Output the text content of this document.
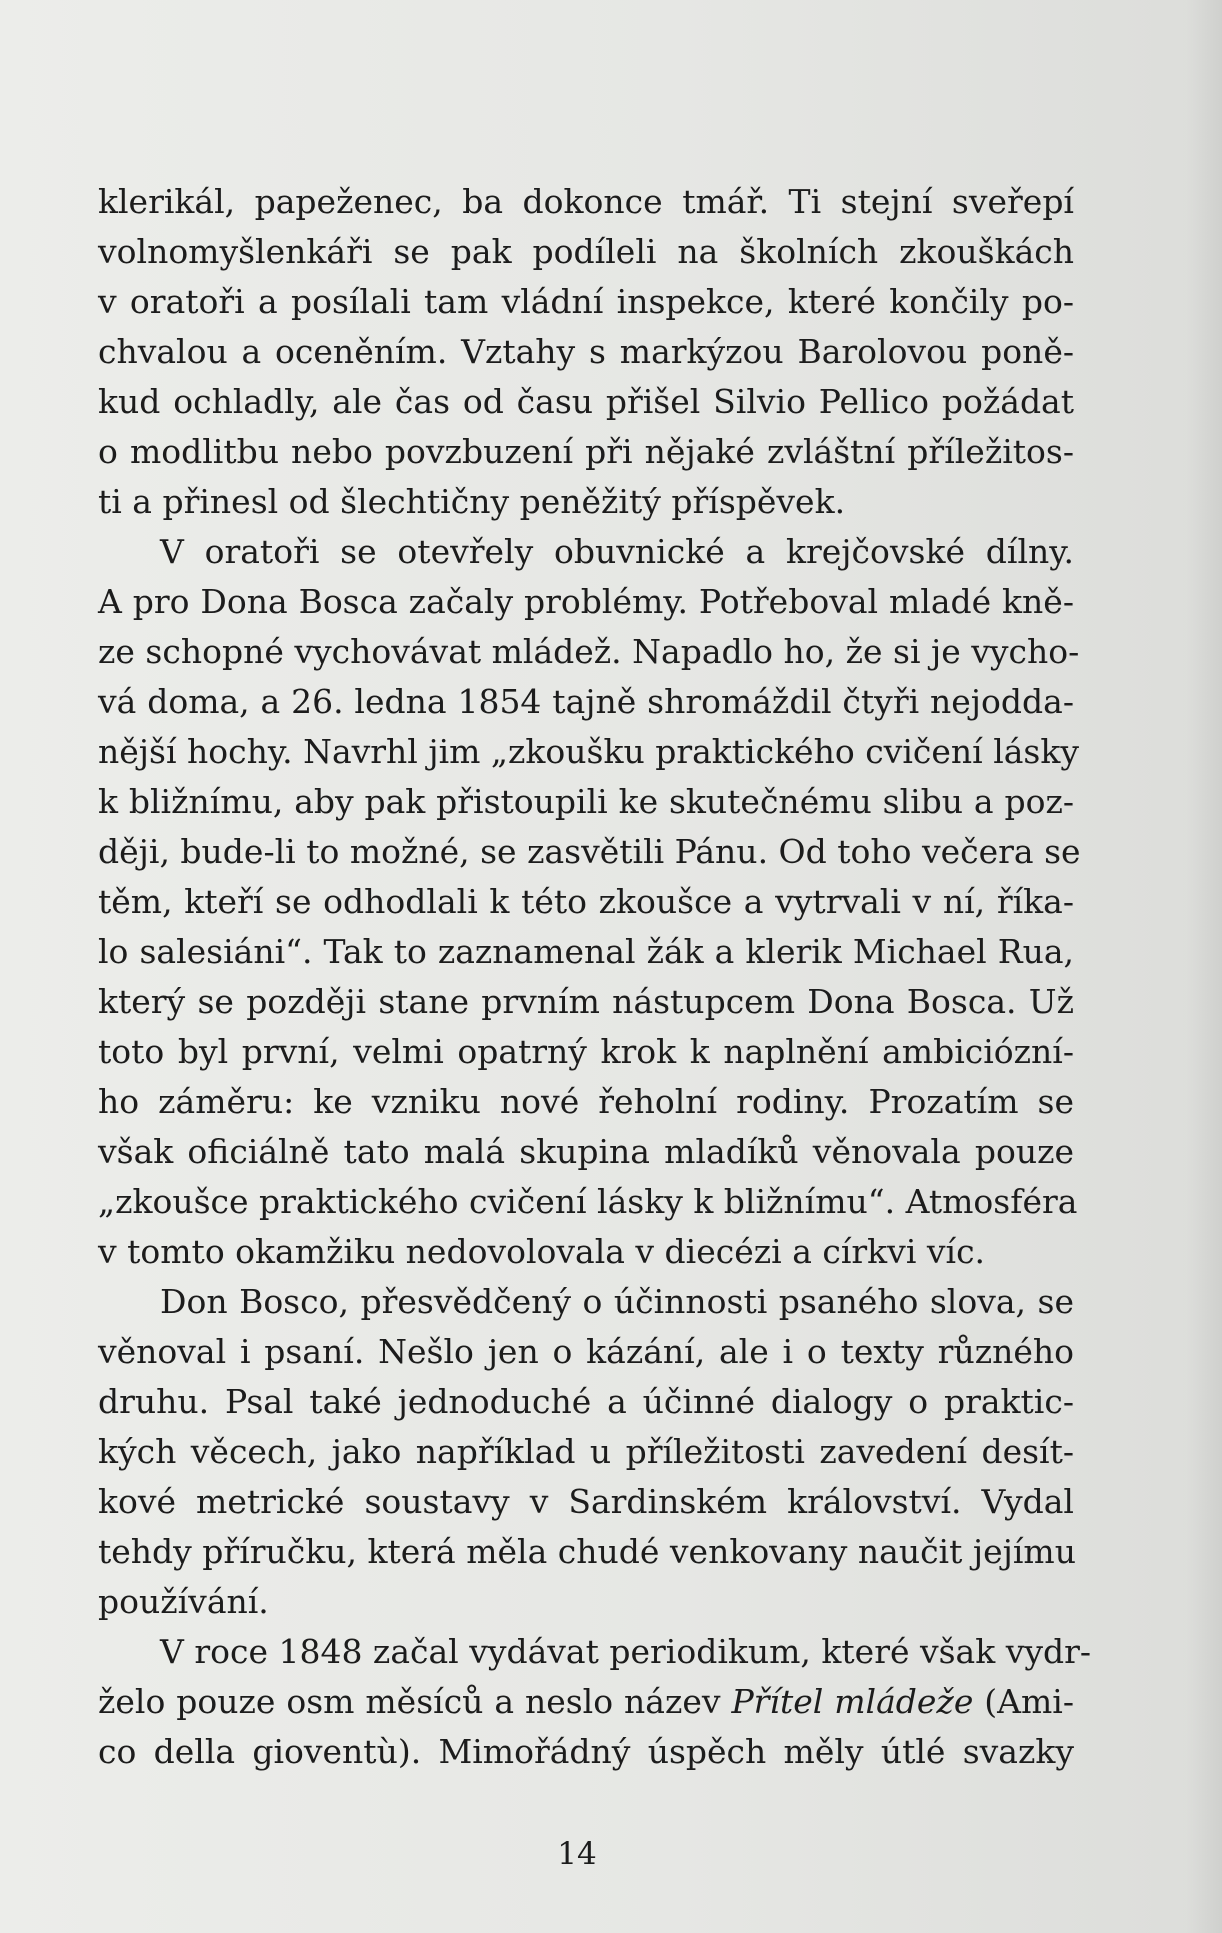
klerikál, papeženec, ba dokonce tmář. Ti stejní sveřepí
volnomyšlenkáři se pak podíleli na školních zkouškách
v oratoři a posílali tam vládní inspekce, které končily po-
chvalou a oceněním. Vztahy s markýzou Barolovou poně-
kud ochladly, ale čas od času přišel Silvio Pellico požádat
o modlitbu nebo povzbuzení při nějaké zvláštní příležitos-
ti a přinesl od šlechtičny peněžitý příspěvek.
V oratoři se otevřely obuvnické a krejčovské dílny.
A pro Dona Bosca začaly problémy. Potřeboval mladé kně-
ze schopné vychovávat mládež. Napadlo ho, že si je vycho-
vá doma, a 26. ledna 1854 tajně shromáždil čtyři nejodda-
nější hochy. Navrhl jim „zkoušku praktického cvičení lásky
k bližnímu, aby pak přistoupili ke skutečnému slibu a poz-
ději, bude-li to možné, se zasvětili Pánu. Od toho večera se
těm, kteří se odhodlali k této zkoušce a vytrvali v ní, říka-
lo salesiáni“. Tak to zaznamenal žák a klerik Michael Rua,
který se později stane prvním nástupcem Dona Bosca. Už
toto byl první, velmi opatrný krok k naplnění ambiciózní-
ho záměru: ke vzniku nové řeholní rodiny. Prozatím se
však oficiálně tato malá skupina mladíků věnovala pouze
„zkoušce praktického cvičení lásky k bližnímu“. Atmosféra
v tomto okamžiku nedovolovala v diecézi a církvi víc.
Don Bosco, přesvědčený o účinnosti psaného slova, se
věnoval i psaní. Nešlo jen o kázání, ale i o texty různého
druhu. Psal také jednoduché a účinné dialogy o praktic-
kých věcech, jako například u příležitosti zavedení desít-
kové metrické soustavy v Sardinském království. Vydal
tehdy příručku, která měla chudé venkovany naučit jejímu
používání.
V roce 1848 začal vydávat periodikum, které však vydr-
želo pouze osm měsíců a neslo název Přítel mládeže (Ami-
co della gioventù). Mimořádný úspěch měly útlé svazky
14
